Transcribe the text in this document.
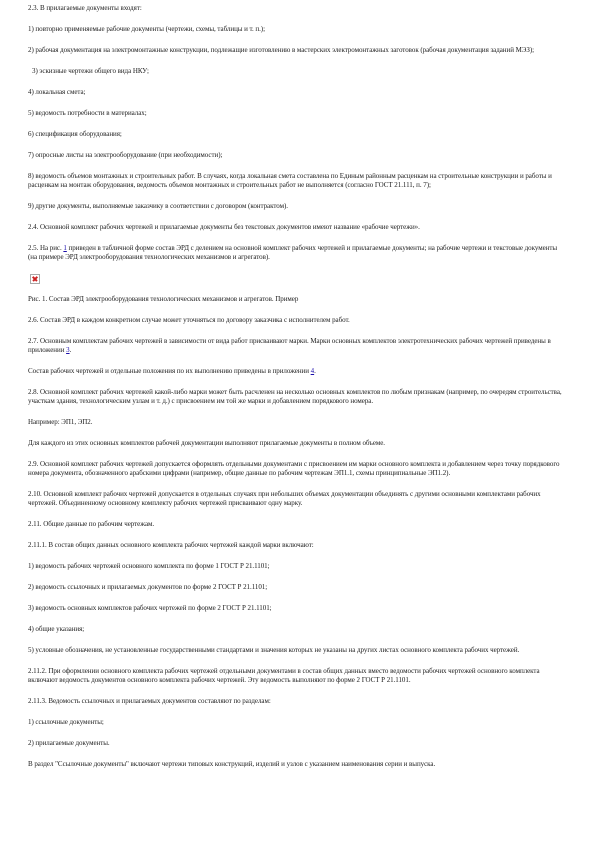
2.3. В прилагаемые документы входят:

1) повторно применяемые рабочие документы (чертежи, схемы, таблицы и т. п.);

2) рабочая документация на электромонтажные конструкции, подлежащие изготовлению в мастерских электромонтажных заготовок (рабочая документация заданий МЭЗ);

3) эскизные чертежи общего вида НКУ;

4) локальная смета;

5) ведомость потребности в материалах;

6) спецификация оборудования;

7) опросные листы на электрооборудование (при необходимости);

8) ведомость объемов монтажных и строительных работ. В случаях, когда локальная смета составлена по Единым районным расценкам на строительные конструкции и работы и расценкам на монтаж оборудования, ведомость объемов монтажных и строительных работ не выполняется (согласно ГОСТ 21.111, п. 7);

9) другие документы, выполняемые заказчику в соответствии с договором (контрактом).

2.4. Основной комплект рабочих чертежей и прилагаемые документы без текстовых документов имеют название «рабочие чертежи».

2.5. На рис. 1 приведен в табличной форме состав ЭРД с делением на основной комплект рабочих чертежей и прилагаемые документы; на рабочие чертежи и текстовые документы (на примере ЭРД электрооборудования технологических механизмов и агрегатов).

Рис. 1. Состав ЭРД электрооборудования технологических механизмов и агрегатов. Пример

2.6. Состав ЭРД в каждом конкретном случае может уточняться по договору заказчика с исполнителем работ.

2.7. Основным комплектам рабочих чертежей в зависимости от вида работ присваивают марки. Марки основных комплектов электротехнических рабочих чертежей приведены в приложении 3.

Состав рабочих чертежей и отдельные положения по их выполнению приведены в приложении 4.

2.8. Основной комплект рабочих чертежей какой-либо марки может быть расчленен на несколько основных комплектов по любым признакам (например, по очередям строительства, участкам здания, технологическим узлам и т. д.) с присвоением им той же марки и добавлением порядкового номера.

Например: ЭП1, ЭП2.

Для каждого из этих основных комплектов рабочей документации выполняют прилагаемые документы в полном объеме.

2.9. Основной комплект рабочих чертежей допускается оформлять отдельными документами с присвоением им марки основного комплекта и добавлением через точку порядкового номера документа, обозначенного арабскими цифрами (например, общие данные по рабочим чертежам ЭП1.1, схемы принципиальные ЭП1.2).

2.10. Основной комплект рабочих чертежей допускается в отдельных случаях при небольших объемах документации объединять с другими основными комплектами рабочих чертежей. Объединенному основному комплекту рабочих чертежей присваивают одну марку.

2.11. Общие данные по рабочим чертежам.

2.11.1. В состав общих данных основного комплекта рабочих чертежей каждой марки включают:

1) ведомость рабочих чертежей основного комплекта по форме 1 ГОСТ Р 21.1101;

2) ведомость ссылочных и прилагаемых документов по форме 2 ГОСТ Р 21.1101;

3) ведомость основных комплектов рабочих чертежей по форме 2 ГОСТ Р 21.1101;

4) общие указания;

5) условные обозначения, не установленные государственными стандартами и значения которых не указаны на других листах основного комплекта рабочих чертежей.

2.11.2. При оформлении основного комплекта рабочих чертежей отдельными документами в состав общих данных вместо ведомости рабочих чертежей основного комплекта включают ведомость документов основного комплекта рабочих чертежей. Эту ведомость выполняют по форме 2 ГОСТ Р 21.1101.

2.11.3. Ведомость ссылочных и прилагаемых документов составляют по разделам:

1) ссылочные документы;

2) прилагаемые документы.

В раздел "Ссылочные документы" включают чертежи типовых конструкций, изделий и узлов с указанием наименования серии и выпуска.
